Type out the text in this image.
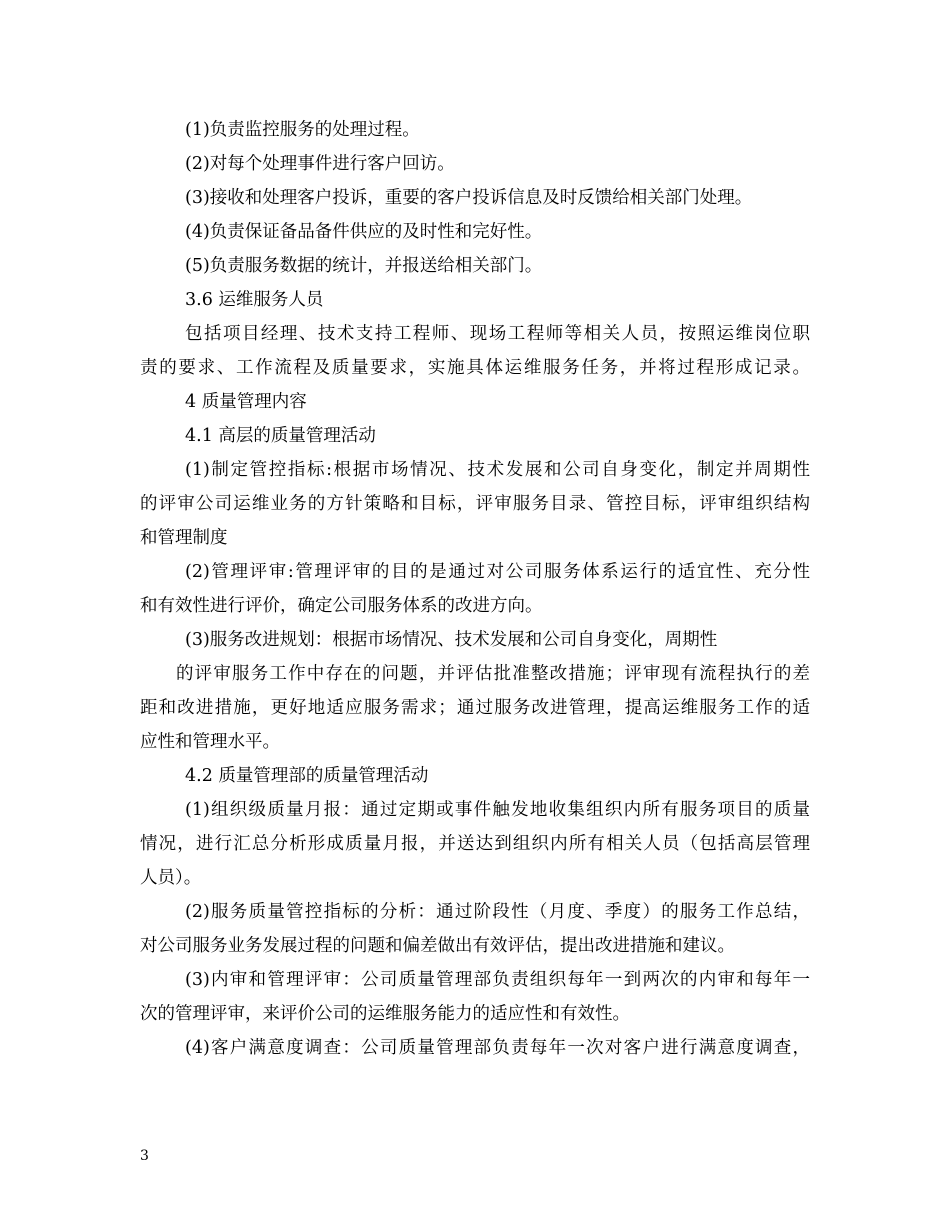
(1)负责监控服务的处理过程。
(2)对每个处理事件进行客户回访。
(3)接收和处理客户投诉，重要的客户投诉信息及时反馈给相关部门处理。
(4)负责保证备品备件供应的及时性和完好性。
(5)负责服务数据的统计，并报送给相关部门。
3.6 运维服务人员
包括项目经理、技术支持工程师、现场工程师等相关人员，按照运维岗位职
责的要求、工作流程及质量要求，实施具体运维服务任务，并将过程形成记录。
4 质量管理内容
4.1 高层的质量管理活动
(1)制定管控指标:根据市场情况、技术发展和公司自身变化，制定并周期性
的评审公司运维业务的方针策略和目标，评审服务目录、管控目标，评审组织结构
和管理制度
(2)管理评审:管理评审的目的是通过对公司服务体系运行的适宜性、充分性
和有效性进行评价，确定公司服务体系的改进方向。
(3)服务改进规划：根据市场情况、技术发展和公司自身变化，周期性
的评审服务工作中存在的问题，并评估批准整改措施；评审现有流程执行的差
距和改进措施，更好地适应服务需求；通过服务改进管理，提高运维服务工作的适
应性和管理水平。
4.2 质量管理部的质量管理活动
(1)组织级质量月报：通过定期或事件触发地收集组织内所有服务项目的质量
情况，进行汇总分析形成质量月报，并送达到组织内所有相关人员（包括高层管理
人员）。
(2)服务质量管控指标的分析：通过阶段性（月度、季度）的服务工作总结，
对公司服务业务发展过程的问题和偏差做出有效评估，提出改进措施和建议。
(3)内审和管理评审：公司质量管理部负责组织每年一到两次的内审和每年一
次的管理评审，来评价公司的运维服务能力的适应性和有效性。
(4)客户满意度调查：公司质量管理部负责每年一次对客户进行满意度调查，
3
